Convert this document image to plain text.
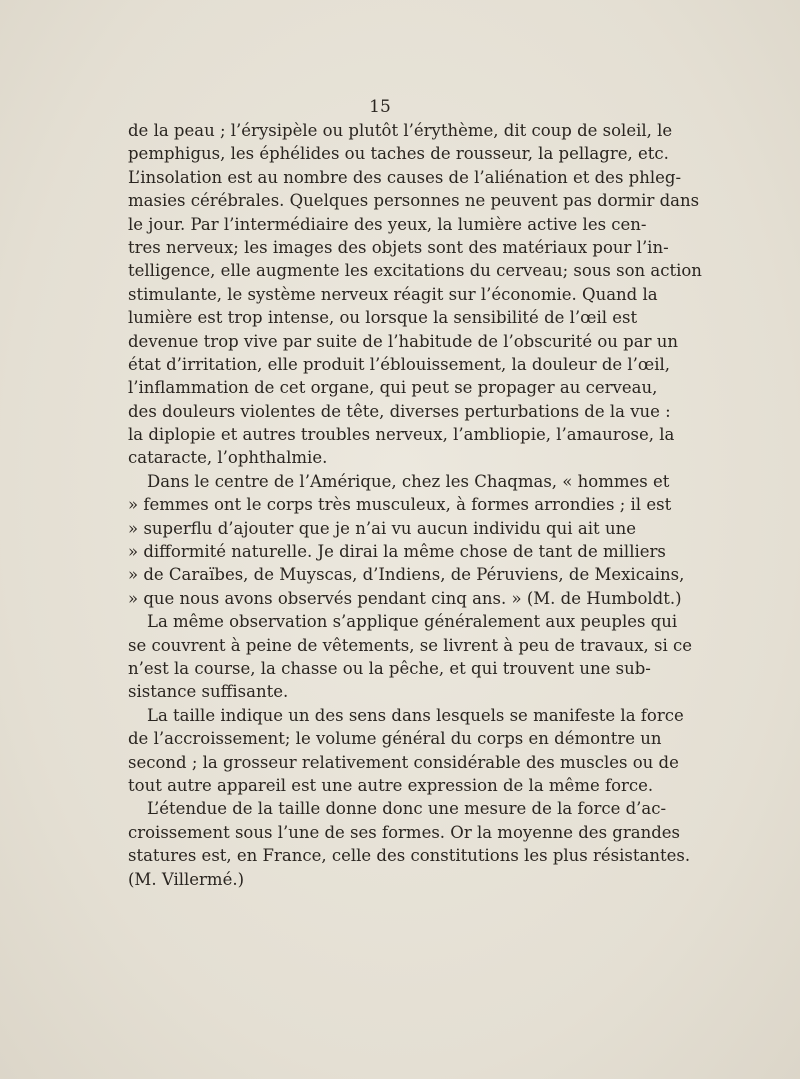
15
de la peau ; l’érysipèle ou plutôt l’érythème, dit coup de soleil, le
pemphigus, les éphélides ou taches de rousseur, la pellagre, etc.
L’insolation est au nombre des causes de l’aliénation et des phleg-
masies cérébrales. Quelques personnes ne peuvent pas dormir dans
le jour. Par l’intermédiaire des yeux, la lumière active les cen-
tres nerveux; les images des objets sont des matériaux pour l’in-
telligence, elle augmente les excitations du cerveau; sous son action
stimulante, le système nerveux réagit sur l’économie. Quand la
lumière est trop intense, ou lorsque la sensibilité de l’œil est
devenue trop vive par suite de l’habitude de l’obscurité ou par un
état d’irritation, elle produit l’éblouissement, la douleur de l’œil,
l’inflammation de cet organe, qui peut se propager au cerveau,
des douleurs violentes de tête, diverses perturbations de la vue :
la diplopie et autres troubles nerveux, l’ambliopie, l’amaurose, la
cataracte, l’ophthalmie.
Dans le centre de l’Amérique, chez les Chaqmas, « hommes et
» femmes ont le corps très musculeux, à formes arrondies ; il est
» superflu d’ajouter que je n’ai vu aucun individu qui ait une
» difformité naturelle. Je dirai la même chose de tant de milliers
» de Caraïbes, de Muyscas, d’Indiens, de Péruviens, de Mexicains,
» que nous avons observés pendant cinq ans. » (M. de Humboldt.)
La même observation s’applique généralement aux peuples qui
se couvrent à peine de vêtements, se livrent à peu de travaux, si ce
n’est la course, la chasse ou la pêche, et qui trouvent une sub-
sistance suffisante.
La taille indique un des sens dans lesquels se manifeste la force
de l’accroissement; le volume général du corps en démontre un
second ; la grosseur relativement considérable des muscles ou de
tout autre appareil est une autre expression de la même force.
L’étendue de la taille donne donc une mesure de la force d’ac-
croissement sous l’une de ses formes. Or la moyenne des grandes
statures est, en France, celle des constitutions les plus résistantes.
(M. Villermé.)
